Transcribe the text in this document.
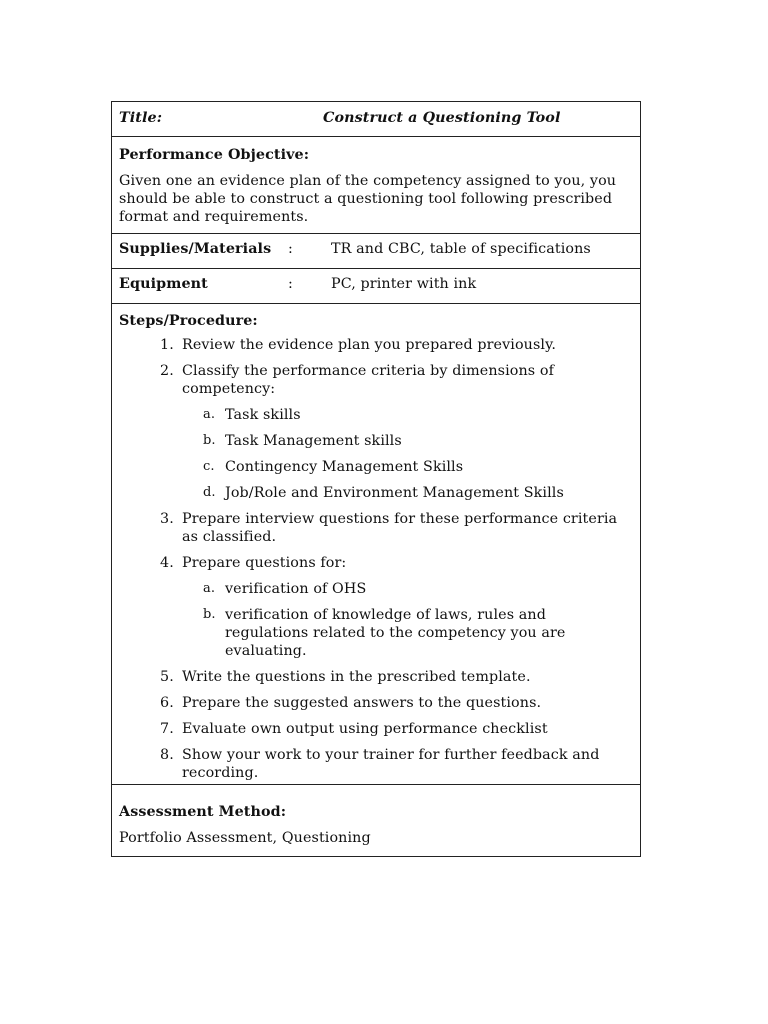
Title:	Construct a Questioning Tool
Performance Objective:
Given one an evidence plan of the competency assigned to you, you should be able to construct a questioning tool following prescribed format and requirements.
Supplies/Materials :	TR and CBC, table of specifications
Equipment	:	PC, printer with ink
Steps/Procedure:
1. Review the evidence plan you prepared previously.
2. Classify the performance criteria by dimensions of competency:
a. Task skills
b. Task Management skills
c. Contingency Management Skills
d. Job/Role and Environment Management Skills
3. Prepare interview questions for these performance criteria as classified.
4. Prepare questions for:
a. verification of OHS
b. verification of knowledge of laws, rules and regulations related to the competency you are evaluating.
5. Write the questions in the prescribed template.
6. Prepare the suggested answers to the questions.
7. Evaluate own output using performance checklist
8. Show your work to your trainer for further feedback and recording.
Assessment Method:
Portfolio Assessment, Questioning
